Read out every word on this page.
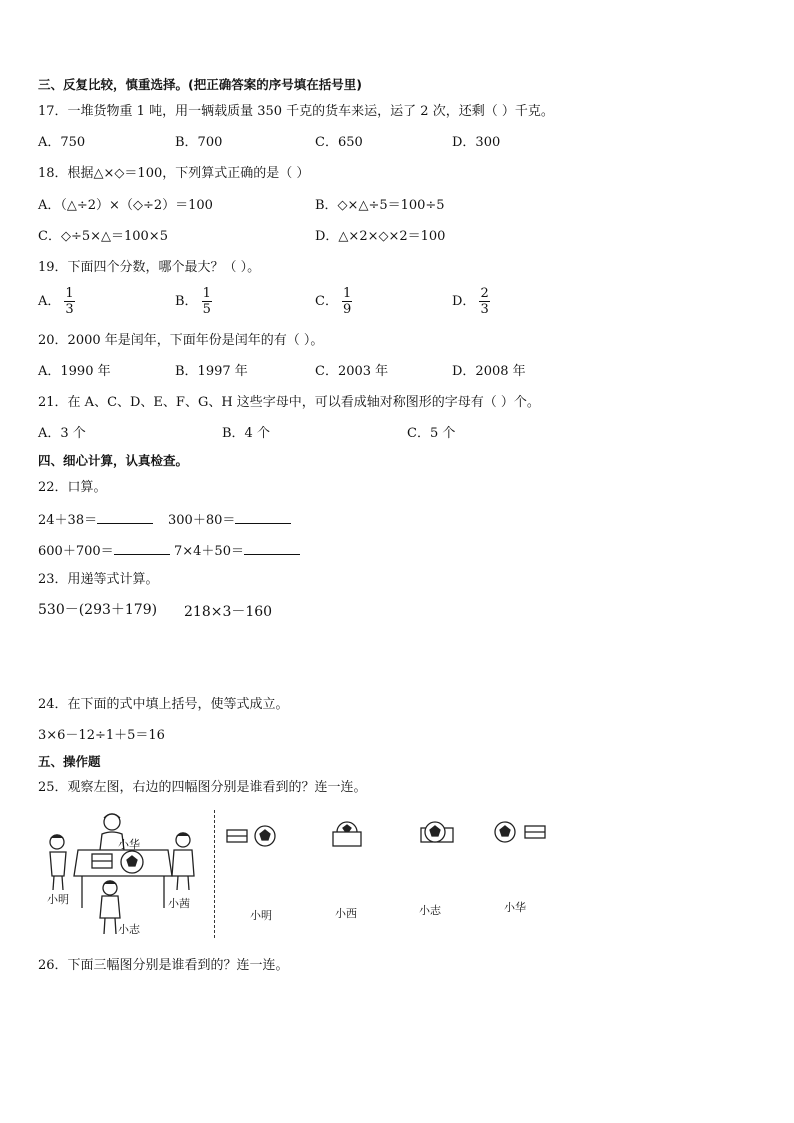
三、反复比较，慎重选择。(把正确答案的序号填在括号里)
17．一堆货物重 1 吨，用一辆载质量 350 千克的货车来运，运了 2 次，还剩（ ）千克。
A．750	B．700	C．650	D．300
18．根据△×◇＝100，下列算式正确的是（ ）
A．（△÷2）×（◇÷2）＝100	B．◇×△÷5＝100÷5
C．◇÷5×△＝100×5	D．△×2×◇×2＝100
19．下面四个分数，哪个最大？（ ）。
A． $\frac{1}{3}$	B． $\frac{1}{5}$	C． $\frac{1}{9}$	D． $\frac{2}{3}$
20．2000 年是闰年，下面年份是闰年的有（ ）。
A．1990 年	B．1997 年	C．2003 年	D．2008 年
21．在 A、C、D、E、F、G、H 这些字母中，可以看成轴对称图形的字母有（ ）个。
A．3 个	B．4 个	C．5 个
四、细心计算，认真检查。
22．口算。
24＋38＝	300＋80＝
600＋700＝	7×4＋50＝
23．用递等式计算。
530－(293＋179) 218×3－160
24．在下面的式中填上括号，使等式成立。
3×6－12÷1＋5＝16
五、操作题
25．观察左图，右边的四幅图分别是谁看到的？连一连。
小华
小明	小茜
小志
小明	小西	小志	小华
26．下面三幅图分别是谁看到的？连一连。
